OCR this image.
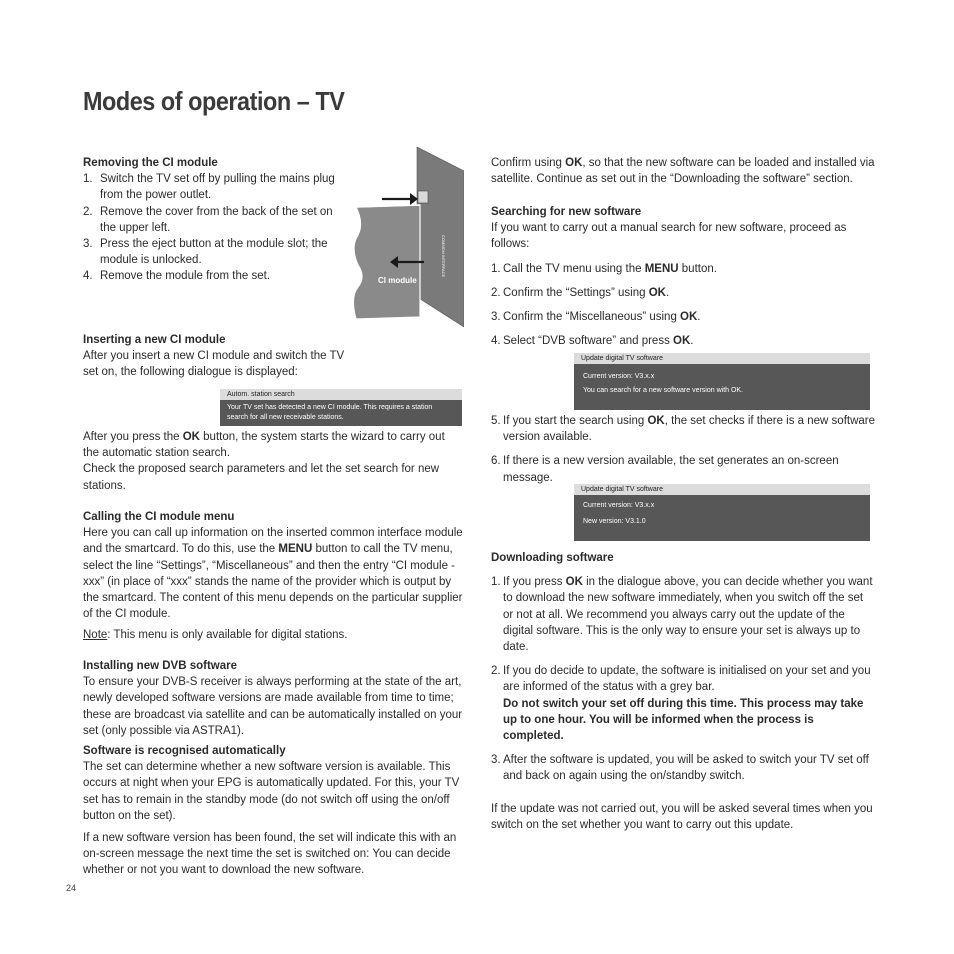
Modes of operation – TV
Removing the CI module
1. Switch the TV set off by pulling the mains plug from the power outlet.
2. Remove the cover from the back of the set on the upper left.
3. Press the eject button at the module slot; the module is unlocked.
4. Remove the module from the set.	COMMON INTERFACE
CI module
Inserting a new CI module

After you insert a new CI module and switch the TV set on, the following dialogue is displayed:

Autom. station search
Your TV set has detected a new CI module. This requires a station search for all new receivable stations.

After you press the OK button, the system starts the wizard to carry out the automatic station search.

Check the proposed search parameters and let the set search for new stations.

Calling the CI module menu

Here you can call up information on the inserted common interface module and the smartcard. To do this, use the MENU button to call the TV menu, select the line “Settings”, “Miscellaneous” and then the entry “CI module - xxx” (in place of “xxx” stands the name of the provider which is output by the smartcard. The content of this menu depends on the particular supplier of the CI module.

Note: This menu is only available for digital stations.

Installing new DVB software

To ensure your DVB-S receiver is always performing at the state of the art, newly developed software versions are made available from time to time; these are broadcast via satellite and can be automatically installed on your set (only possible via ASTRA1).

Software is recognised automatically

The set can determine whether a new software version is available. This occurs at night when your EPG is automatically updated. For this, your TV set has to remain in the standby mode (do not switch off using the on/off button on the set).

If a new software version has been found, the set will indicate this with an on-screen message the next time the set is switched on: You can decide whether or not you want to download the new software.

24

Confirm using OK, so that the new software can be loaded and installed via satellite. Continue as set out in the “Downloading the software” section.

Searching for new software

If you want to carry out a manual search for new software, proceed as follows:

1. Call the TV menu using the MENU button.
2. Confirm the “Settings” using OK.
3. Confirm the “Miscellaneous” using OK.
4. Select “DVB software” and press OK.
Update digital TV software
Current version: V3.x.x
You can search for a new software version with OK.
5. If you start the search using OK, the set checks if there is a new software version available.
6. If there is a new version available, the set generates an on-screen message.
Update digital TV software
Current version: V3.x.x
New version: V3.1.0
Downloading software
1. If you press OK in the dialogue above, you can decide whether you want to download the new software immediately, when you switch off the set or not at all. We recommend you always carry out the update of the digital software. This is the only way to ensure your set is always up to date.
2. If you do decide to update, the software is initialised on your set and you are informed of the status with a grey bar.
Do not switch your set off during this time. This process may take up to one hour. You will be informed when the process is completed.
3. After the software is updated, you will be asked to switch your TV set off and back on again using the on/standby switch.

If the update was not carried out, you will be asked several times when you switch on the set whether you want to carry out this update.
